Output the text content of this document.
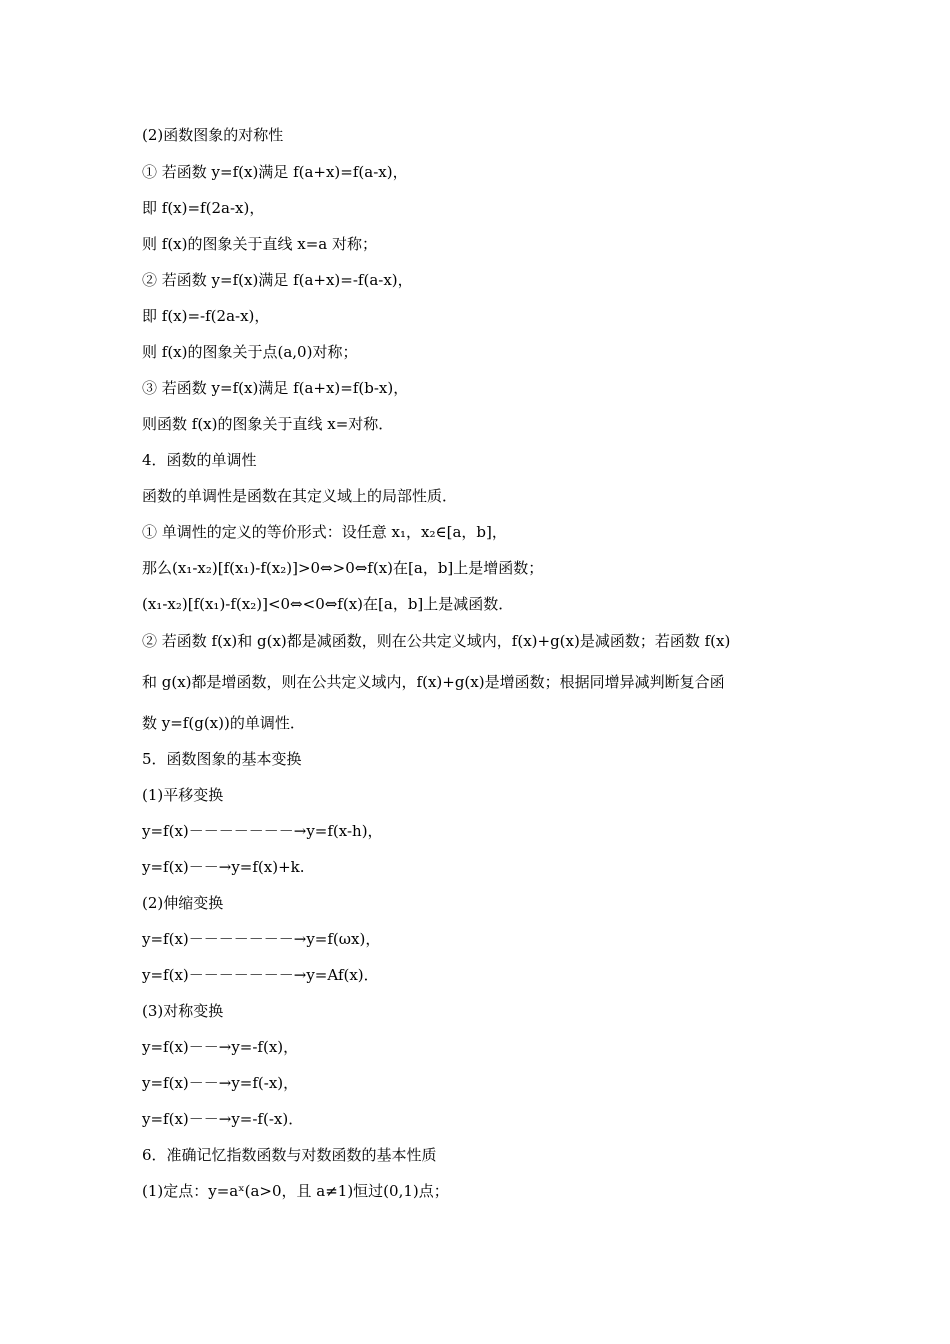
(2)函数图象的对称性
① 若函数 y=f(x)满足 f(a+x)=f(a-x)，
即 f(x)=f(2a-x)，
则 f(x)的图象关于直线 x=a 对称；
② 若函数 y=f(x)满足 f(a+x)=-f(a-x)，
即 f(x)=-f(2a-x)，
则 f(x)的图象关于点(a,0)对称；
③ 若函数 y=f(x)满足 f(a+x)=f(b-x)，
则函数 f(x)的图象关于直线 x=对称．
4．函数的单调性
函数的单调性是函数在其定义域上的局部性质．
① 单调性的定义的等价形式：设任意 x₁，x₂∈[a，b]，
那么(x₁-x₂)[f(x₁)-f(x₂)]>0⇔>0⇔f(x)在[a，b]上是增函数；
(x₁-x₂)[f(x₁)-f(x₂)]<0⇔<0⇔f(x)在[a，b]上是减函数．
② 若函数 f(x)和 g(x)都是减函数，则在公共定义域内，f(x)+g(x)是减函数；若函数 f(x)
和 g(x)都是增函数，则在公共定义域内，f(x)+g(x)是增函数；根据同增异减判断复合函
数 y=f(g(x))的单调性．
5．函数图象的基本变换
(1)平移变换
y=f(x)－－－－－－－→y=f(x-h)，
y=f(x)－－→y=f(x)+k.
(2)伸缩变换
y=f(x)－－－－－－－→y=f(ωx)，
y=f(x)－－－－－－－→y=Af(x)．
(3)对称变换
y=f(x)－－→y=-f(x)，
y=f(x)－－→y=f(-x)，
y=f(x)－－→y=-f(-x)．
6．准确记忆指数函数与对数函数的基本性质
(1)定点：y=aˣ(a>0，且 a≠1)恒过(0,1)点；
